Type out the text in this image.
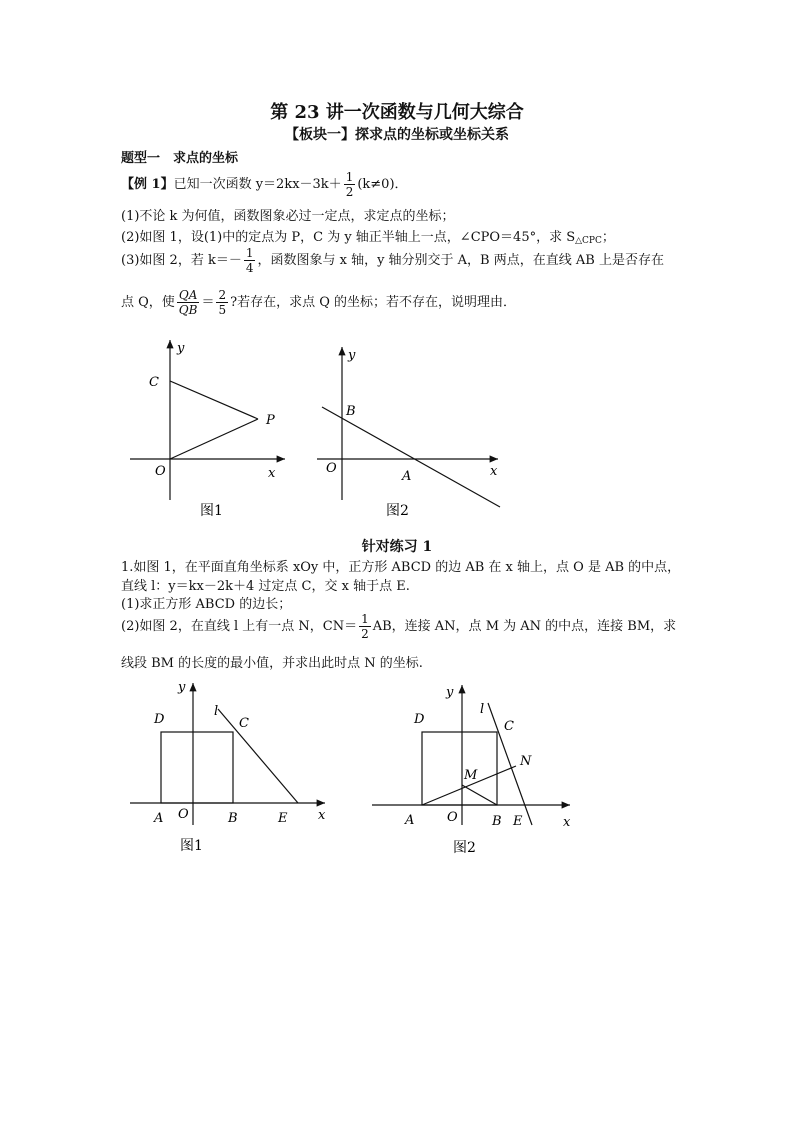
第 23 讲一次函数与几何大综合
【板块一】探求点的坐标或坐标关系
题型一　求点的坐标
【例 1】已知一次函数 $y=2kx-3k+ \frac{1}{2} (k\ne 0)$．
(1)不论 k 为何值，函数图象必过一定点，求定点的坐标；
(2)如图 1，设(1)中的定点为 P，C 为 y 轴正半轴上一点，∠CPO＝45°，求 $S_{\triangle CPC}$；
(3)如图 2，若 $k=- \frac{1}{4}$ ，函数图象与 x 轴，y 轴分别交于 A，B 两点，在直线 AB 上是否存在
点 Q，使 $\frac{QA}{QB} = \frac{2}{5}$ ?若存在，求点 Q 的坐标；若不存在，说明理由．
y
x
O
C
P
图1
y
x
O
A
B
图2
针对练习 1
1.如图 1，在平面直角坐标系 xOy 中，正方形 ABCD 的边 AB 在 x 轴上，点 O 是 AB 的中点，
直线 l：y＝kx－2k＋4 过定点 C，交 x 轴于点 E.
(1)求正方形 ABCD 的边长；
(2)如图 2，在直线 l 上有一点 N，$CN= \frac{1}{2}$ AB，连接 AN，点 M 为 AN 的中点，连接 BM，求
线段 BM 的长度的最小值，并求出此时点 N 的坐标.
y
x
O
A	B
C
D
E
l
图1
y
x
O
A	B
C
D
E
l
M
N
图2
